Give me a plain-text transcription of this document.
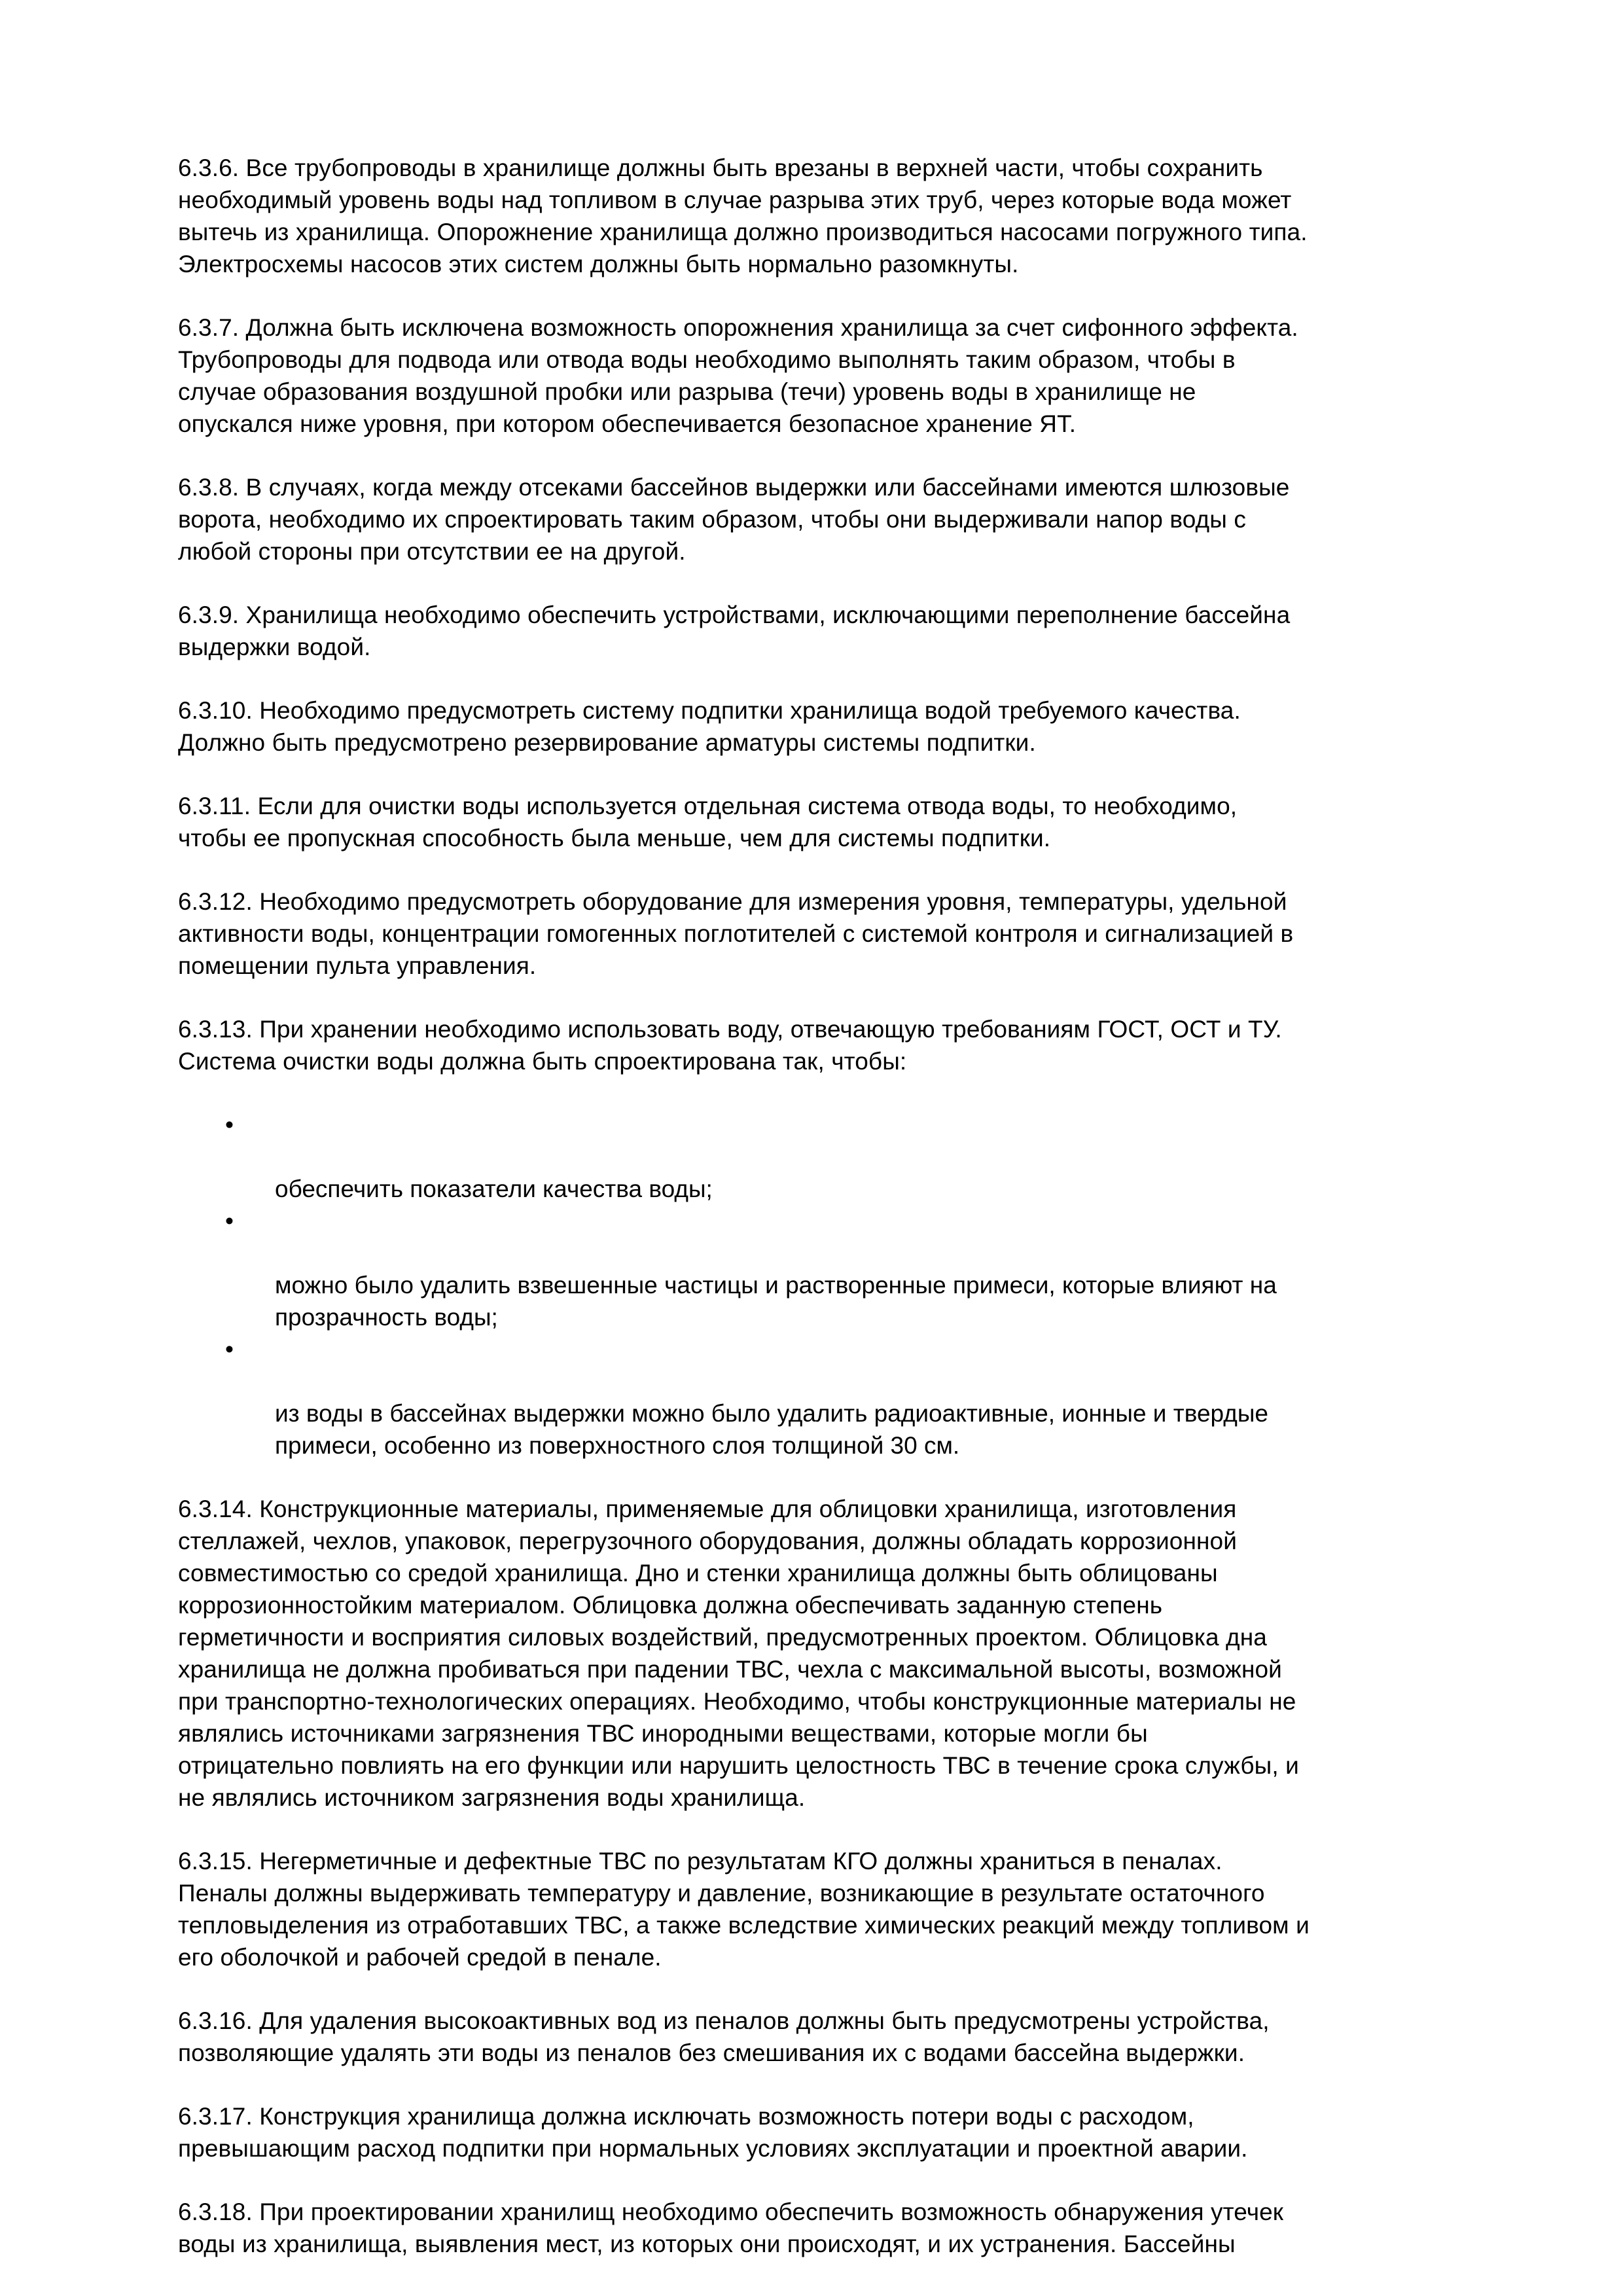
6.3.6. Все трубопроводы в хранилище должны быть врезаны в верхней части, чтобы сохранить
необходимый уровень воды над топливом в случае разрыва этих труб, через которые вода может
вытечь из хранилища. Опорожнение хранилища должно производиться насосами погружного типа.
Электросхемы насосов этих систем должны быть нормально разомкнуты.

6.3.7. Должна быть исключена возможность опорожнения хранилища за счет сифонного эффекта.
Трубопроводы для подвода или отвода воды необходимо выполнять таким образом, чтобы в
случае образования воздушной пробки или разрыва (течи) уровень воды в хранилище не
опускался ниже уровня, при котором обеспечивается безопасное хранение ЯТ.

6.3.8. В случаях, когда между отсеками бассейнов выдержки или бассейнами имеются шлюзовые
ворота, необходимо их спроектировать таким образом, чтобы они выдерживали напор воды с
любой стороны при отсутствии ее на другой.

6.3.9. Хранилища необходимо обеспечить устройствами, исключающими переполнение бассейна
выдержки водой.

6.3.10. Необходимо предусмотреть систему подпитки хранилища водой требуемого качества.
Должно быть предусмотрено резервирование арматуры системы подпитки.

6.3.11. Если для очистки воды используется отдельная система отвода воды, то необходимо,
чтобы ее пропускная способность была меньше, чем для системы подпитки.

6.3.12. Необходимо предусмотреть оборудование для измерения уровня, температуры, удельной
активности воды, концентрации гомогенных поглотителей с системой контроля и сигнализацией в
помещении пульта управления.

6.3.13. При хранении необходимо использовать воду, отвечающую требованиям ГОСТ, ОСТ и ТУ.
Система очистки воды должна быть спроектирована так, чтобы:

•

обеспечить показатели качества воды;

•

можно было удалить взвешенные частицы и растворенные примеси, которые влияют на
прозрачность воды;

•

из воды в бассейнах выдержки можно было удалить радиоактивные, ионные и твердые
примеси, особенно из поверхностного слоя толщиной 30 см.

6.3.14. Конструкционные материалы, применяемые для облицовки хранилища, изготовления
стеллажей, чехлов, упаковок, перегрузочного оборудования, должны обладать коррозионной
совместимостью со средой хранилища. Дно и стенки хранилища должны быть облицованы
коррозионностойким материалом. Облицовка должна обеспечивать заданную степень
герметичности и восприятия силовых воздействий, предусмотренных проектом. Облицовка дна
хранилища не должна пробиваться при падении ТВС, чехла с максимальной высоты, возможной
при транспортно-технологических операциях. Необходимо, чтобы конструкционные материалы не
являлись источниками загрязнения ТВС инородными веществами, которые могли бы
отрицательно повлиять на его функции или нарушить целостность ТВС в течение срока службы, и
не являлись источником загрязнения воды хранилища.

6.3.15. Негерметичные и дефектные ТВС по результатам КГО должны храниться в пеналах.
Пеналы должны выдерживать температуру и давление, возникающие в результате остаточного
тепловыделения из отработавших ТВС, а также вследствие химических реакций между топливом и
его оболочкой и рабочей средой в пенале.

6.3.16. Для удаления высокоактивных вод из пеналов должны быть предусмотрены устройства,
позволяющие удалять эти воды из пеналов без смешивания их с водами бассейна выдержки.

6.3.17. Конструкция хранилища должна исключать возможность потери воды с расходом,
превышающим расход подпитки при нормальных условиях эксплуатации и проектной аварии.

6.3.18. При проектировании хранилищ необходимо обеспечить возможность обнаружения утечек
воды из хранилища, выявления мест, из которых они происходят, и их устранения. Бассейны
